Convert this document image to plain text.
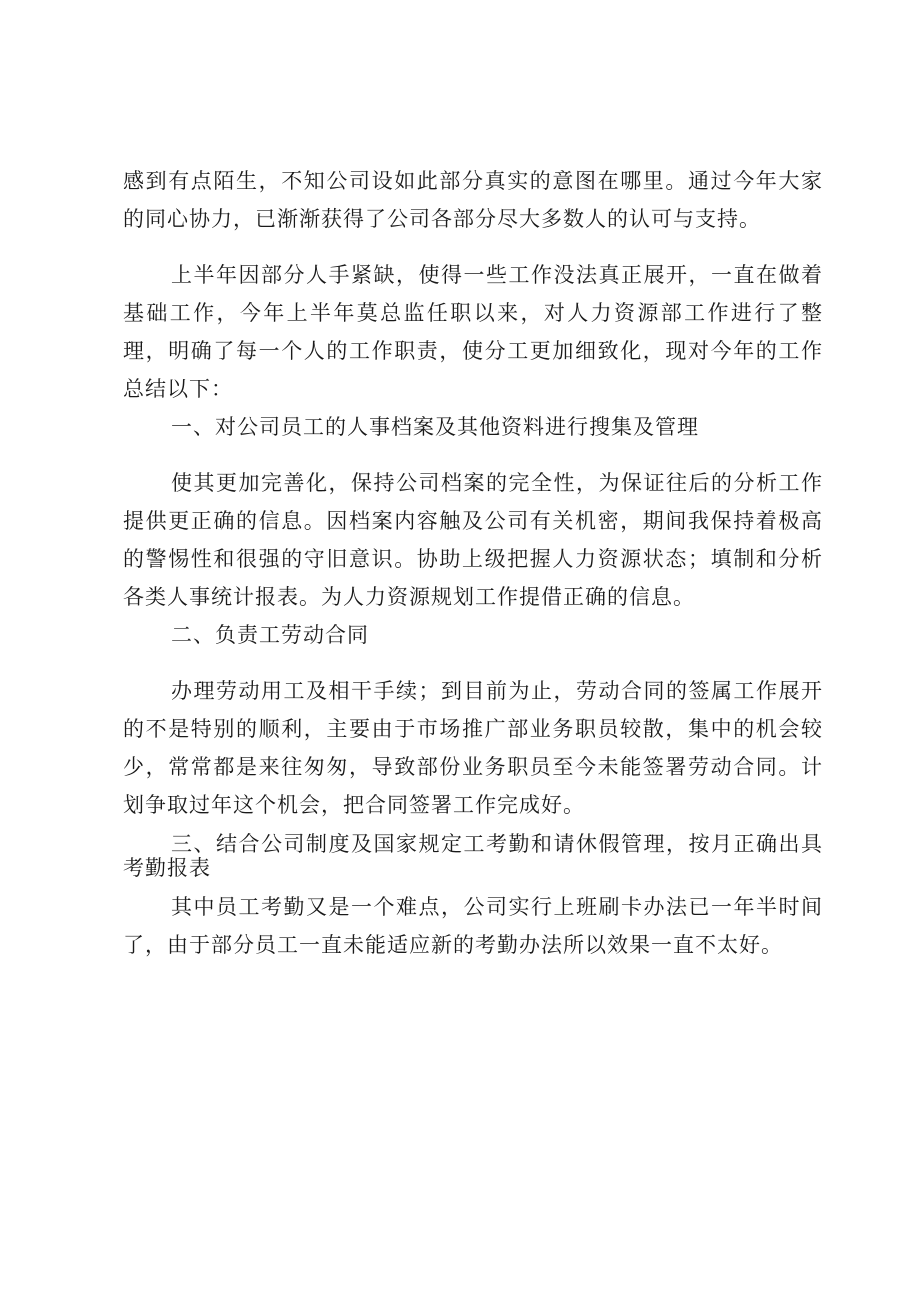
感到有点陌生，不知公司设如此部分真实的意图在哪里。通过今年大家的同心协力，已渐渐获得了公司各部分尽大多数人的认可与支持。

上半年因部分人手紧缺，使得一些工作没法真正展开，一直在做着基础工作，今年上半年莫总监任职以来，对人力资源部工作进行了整理，明确了每一个人的工作职责，使分工更加细致化，现对今年的工作总结以下：

一、对公司员工的人事档案及其他资料进行搜集及管理

使其更加完善化，保持公司档案的完全性，为保证往后的分析工作提供更正确的信息。因档案内容触及公司有关机密，期间我保持着极高的警惕性和很强的守旧意识。协助上级把握人力资源状态；填制和分析各类人事统计报表。为人力资源规划工作提借正确的信息。

二、负责工劳动合同

办理劳动用工及相干手续；到目前为止，劳动合同的签属工作展开的不是特别的顺利，主要由于市场推广部业务职员较散，集中的机会较少，常常都是来往匆匆，导致部份业务职员至今未能签署劳动合同。计划争取过年这个机会，把合同签署工作完成好。

三、结合公司制度及国家规定工考勤和请休假管理，按月正确出具考勤报表

其中员工考勤又是一个难点，公司实行上班刷卡办法已一年半时间了，由于部分员工一直未能适应新的考勤办法所以效果一直不太好。
